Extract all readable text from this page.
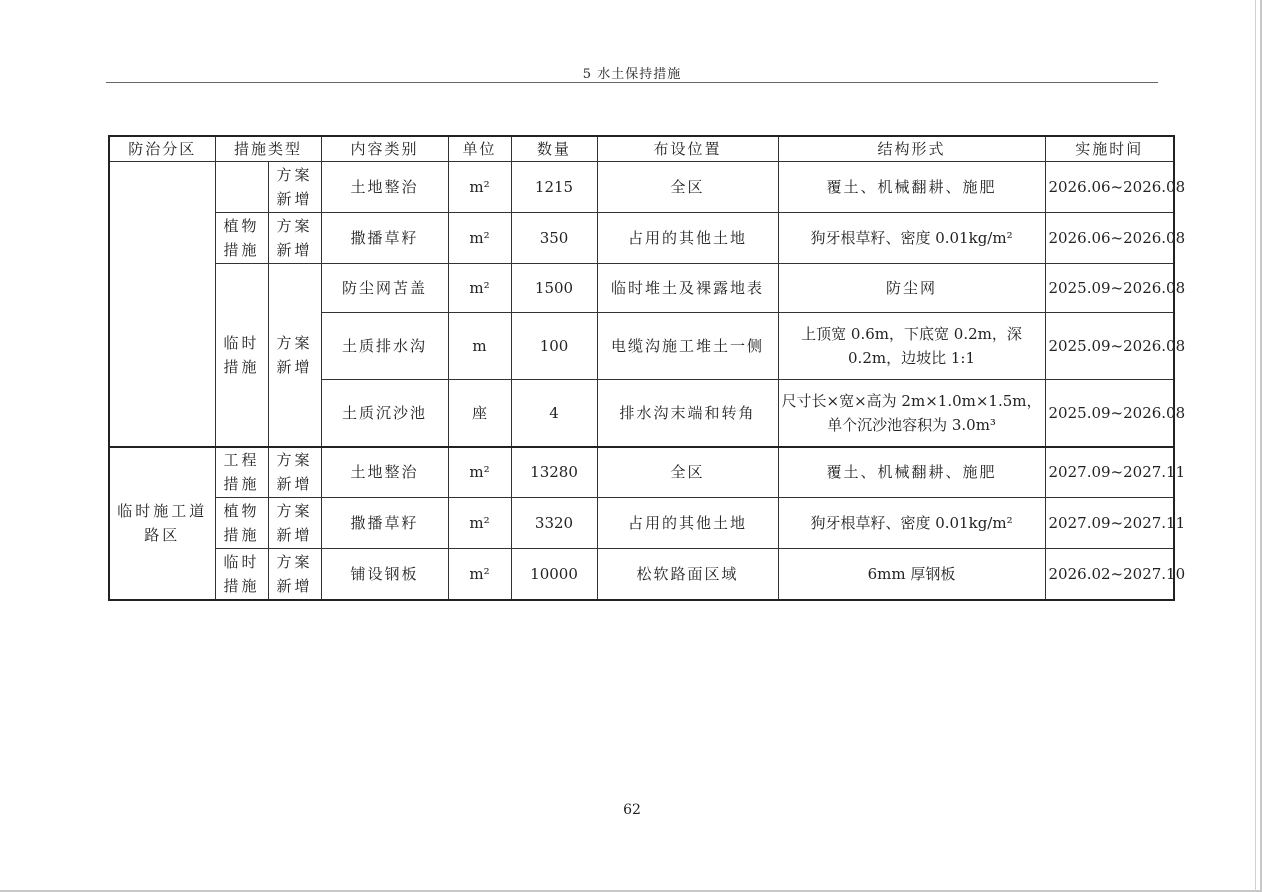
5 水土保持措施
防治分区	措施类型		内容类别	单位	数量	布设位置	结构形式	实施时间
		方案新增	土地整治	m²	1215	全区	覆土、机械翻耕、施肥	2026.06~2026.08
	植物措施	方案新增	撒播草籽	m²	350	占用的其他土地	狗牙根草籽、密度 0.01kg/m²	2026.06~2026.08
	临时措施	方案新增	防尘网苫盖	m²	1500	临时堆土及裸露地表	防尘网	2025.09~2026.08
			土质排水沟	m	100	电缆沟施工堆土一侧	上顶宽 0.6m，下底宽 0.2m，深 0.2m，边坡比 1:1	2025.09~2026.08
			土质沉沙池	座	4	排水沟末端和转角	尺寸长×宽×高为 2m×1.0m×1.5m，单个沉沙池容积为 3.0m³	2025.09~2026.08
临时施工道路区	工程措施	方案新增	土地整治	m²	13280	全区	覆土、机械翻耕、施肥	2027.09~2027.11
	植物措施	方案新增	撒播草籽	m²	3320	占用的其他土地	狗牙根草籽、密度 0.01kg/m²	2027.09~2027.11
	临时措施	方案新增	铺设钢板	m²	10000	松软路面区域	6mm 厚钢板	2026.02~2027.10
62
